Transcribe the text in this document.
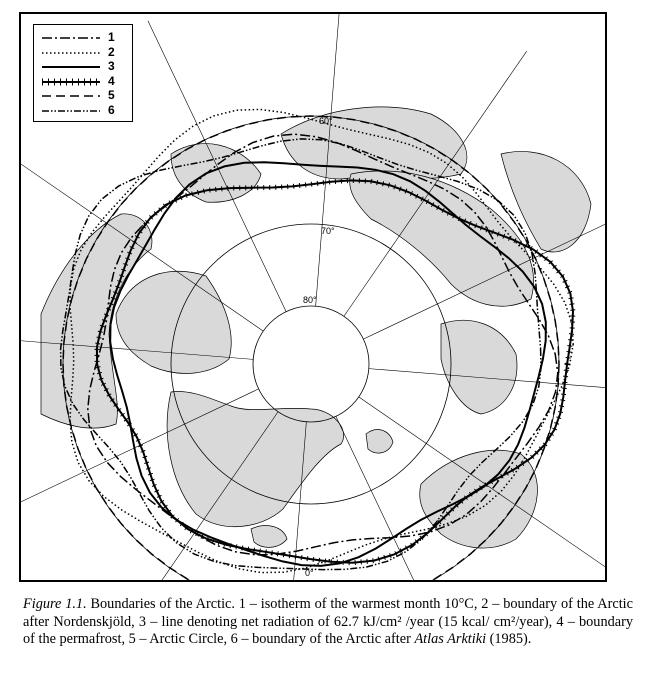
80°
70°
60°
0°
1
2
3
4
5
6
Figure 1.1. Boundaries of the Arctic. 1 – isotherm of the warmest month 10°C, 2 – boundary of the Arctic after Nordenskjöld, 3 – line denoting net radiation of 62.7 kJ/cm² /year (15 kcal/ cm²/year), 4 – boundary of the permafrost, 5 – Arctic Circle, 6 – boundary of the Arctic after Atlas Arktiki (1985).
